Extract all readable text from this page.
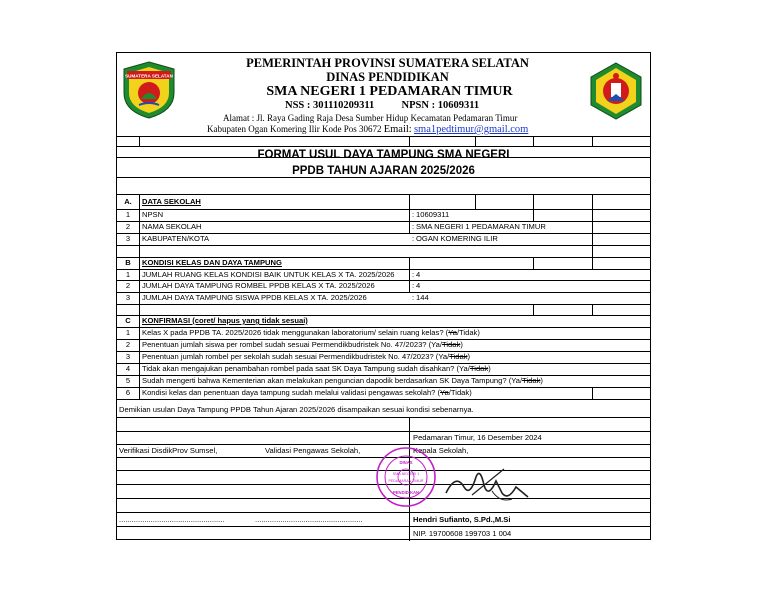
SUMATERA SELATAN
PEMERINTAH PROVINSI SUMATERA SELATAN
DINAS PENDIDIKAN
SMA NEGERI 1 PEDAMARAN TIMUR
NSS : 301110209311	NPSN : 10609311
Alamat : Jl. Raya Gading Raja Desa Sumber Hidup Kecamatan Pedamaran Timur
Kabupaten Ogan Komering Ilir Kode Pos 30672 Email: sma1pedtimur@gmail.com
FORMAT USUL DAYA TAMPUNG SMA NEGERI
PPDB TAHUN AJARAN 2025/2026
A.	DATA SEKOLAH
1	NPSN	: 10609311
2	NAMA SEKOLAH	: SMA NEGERI 1 PEDAMARAN TIMUR
3	KABUPATEN/KOTA	: OGAN KOMERING ILIR
B	KONDISI KELAS DAN DAYA TAMPUNG
1	JUMLAH RUANG KELAS KONDISI BAIK UNTUK KELAS X TA. 2025/2026 : 4
2	JUMLAH DAYA TAMPUNG ROMBEL PPDB KELAS X TA. 2025/2026	: 4
3	JUMLAH DAYA TAMPUNG SISWA PPDB KELAS X TA. 2025/2026	: 144
C	KONFIRMASI (coret/ hapus yang tidak sesuai)
1	Kelas X pada PPDB TA. 2025/2026 tidak menggunakan laboratorium/ selain ruang kelas? (Ya/Tidak)
2	Penentuan jumlah siswa per rombel sudah sesuai Permendikbudristek No. 47/2023? (Ya/Tidak)
3	Penentuan jumlah rombel per sekolah sudah sesuai Permendikbudristek No. 47/2023? (Ya/Tidak)
4	Tidak akan mengajukan penambahan rombel pada saat SK Daya Tampung sudah disahkan? (Ya/Tidak)
5	Sudah mengerti bahwa Kementerian akan melakukan penguncian dapodik berdasarkan SK Daya Tampung? (Ya/Tidak)
6	Kondisi kelas dan penentuan daya tampung sudah melalui validasi pengawas sekolah? (Ya/Tidak)
Demikian usulan Daya Tampung PPDB Tahun Ajaran 2025/2026 disampaikan sesuai kondisi sebenarnya.
Pedamaran Timur, 16 Desember 2024
Verifikasi DisdikProv Sumsel,	Validasi Pengawas Sekolah,	Kepala Sekolah,
..................................................	...................................................	Hendri Sufianto, S.Pd.,M.Si
NIP. 19700608 199703 1 004
DINAS
SMA NEGERI 1
PEDAMARAN TIMUR
PENDIDIKAN
